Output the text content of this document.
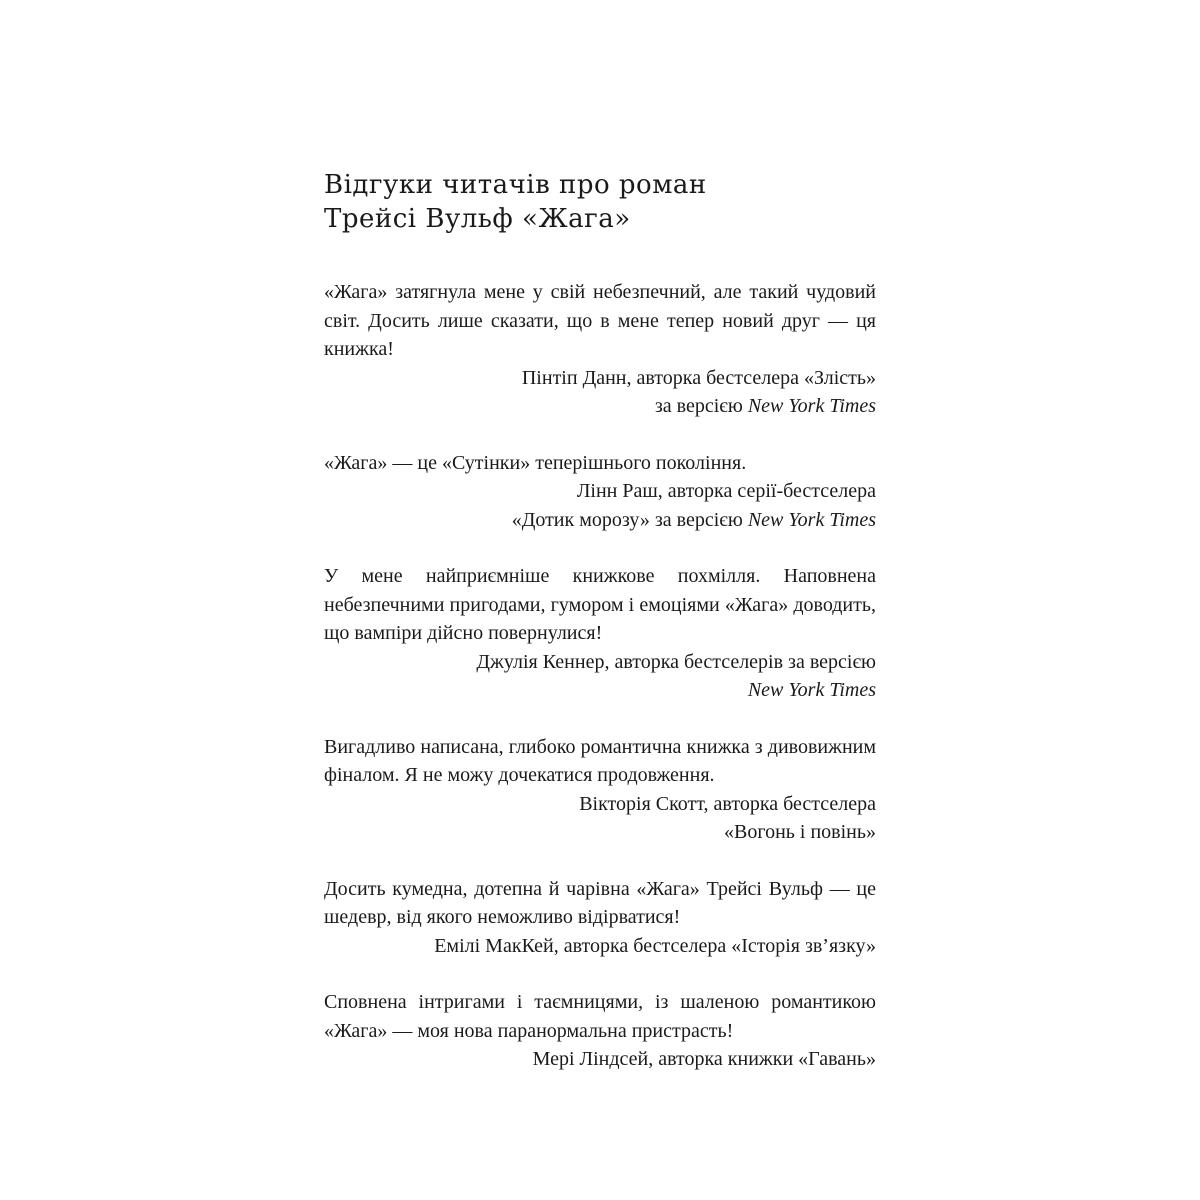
Відгуки читачів про роман
Трейсі Вульф «Жага»

«Жага» затягнула мене у свій небезпечний, але такий чудовий світ. Досить лише сказати, що в мене тепер новий друг — ця книжка!

Пінтіп Данн, авторка бестселера «Злість»
за версією New York Times

«Жага» — це «Сутінки» теперішнього покоління.

Лінн Раш, авторка серії-бестселера
«Дотик морозу» за версією New York Times

У мене найприємніше книжкове похмілля. Наповнена небезпечними пригодами, гумором і емоціями «Жага» доводить, що вампіри дійсно повернулися!

Джулія Кеннер, авторка бестселерів за версією
New York Times

Вигадливо написана, глибоко романтична книжка з дивовижним фіналом. Я не можу дочекатися продовження.

Вікторія Скотт, авторка бестселера
«Вогонь і повінь»

Досить кумедна, дотепна й чарівна «Жага» Трейсі Вульф — це шедевр, від якого неможливо відірватися!

Емілі МакКей, авторка бестселера «Історія зв’язку»

Сповнена інтригами і таємницями, із шаленою романтикою «Жага» — моя нова паранормальна пристрасть!

Мері Ліндсей, авторка книжки «Гавань»
